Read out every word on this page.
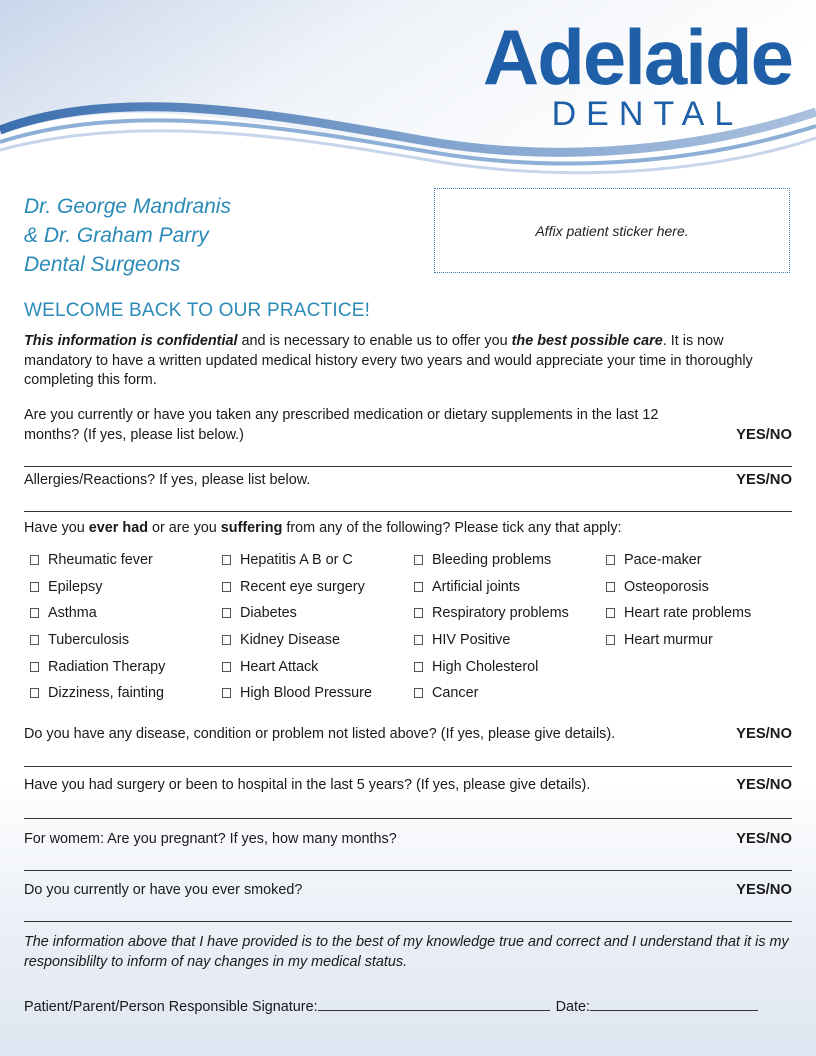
Adelaide
DENTAL
Dr. George Mandranis
& Dr. Graham Parry
Dental Surgeons
Affix patient sticker here.
WELCOME BACK TO OUR PRACTICE!
This information is confidential and is necessary to enable us to offer you the best possible care. It is now mandatory to have a written updated medical history every two years and would appreciate your time in thoroughly completing this form.
Are you currently or have you taken any prescribed medication or dietary supplements in the last 12 months? (If yes, please list below.)	YES/NO
Allergies/Reactions? If yes, please list below.	YES/NO
Have you ever had or are you suffering from any of the following? Please tick any that apply:
Rheumatic fever	Hepatitis A B or C	Bleeding problems	Pace-maker
Epilepsy	Recent eye surgery	Artificial joints	Osteoporosis
Asthma	Diabetes	Respiratory problems	Heart rate problems
Tuberculosis	Kidney Disease	HIV Positive	Heart murmur
Radiation Therapy	Heart Attack	High Cholesterol
Dizziness, fainting	High Blood Pressure	Cancer
Do you have any disease, condition or problem not listed above? (If yes, please give details).	YES/NO
Have you had surgery or been to hospital in the last 5 years? (If yes, please give details).	YES/NO
For womem: Are you pregnant? If yes, how many months?	YES/NO
Do you currently or have you ever smoked?	YES/NO
The information above that I have provided is to the best of my knowledge true and correct and I understand that it is my responsiblilty to inform of nay changes in my medical status.
Patient/Parent/Person Responsible Signature:	Date:
